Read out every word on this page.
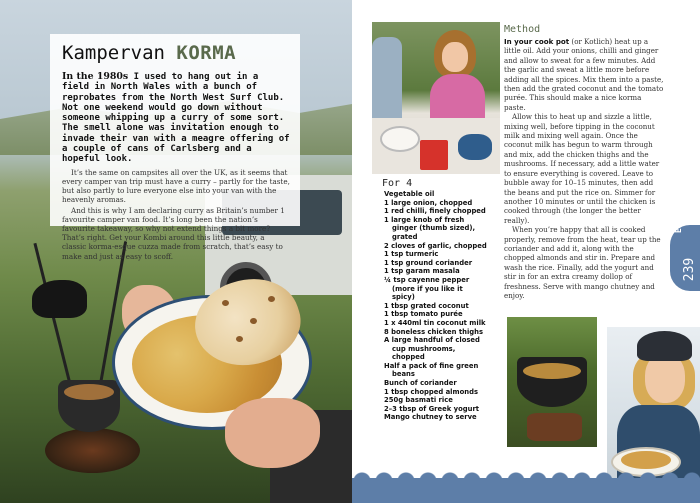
Kampervan KORMA

In the 1980s I used to hang out in a field in North Wales with a bunch of reprobates from the North West Surf Club. Not one weekend would go down without someone whipping up a curry of some sort. The smell alone was invitation enough to invade their van with a meagre offering of a couple of cans of Carlsberg and a hopeful look.

It’s the same on campsites all over the UK, as it seems that every camper van trip must have a curry – partly for the taste, but also partly to lure everyone else into your van with the heavenly aromas.

And this is why I am declaring curry as Britain’s number 1 favourite camper van food. It’s long been the nation’s favourite takeaway, so why not extend things a bit more? That’s right. Get your Kombi around this little beauty, a classic korma-esque cuzza made from scratch, that’s easy to make and just as easy to scoff.

For 4
Vegetable oil
1 large onion, chopped
1 red chilli, finely chopped
1 large knob of fresh
ginger (thumb sized),
grated
2 cloves of garlic, chopped
1 tsp turmeric
1 tsp ground coriander
1 tsp garam masala
¼ tsp cayenne pepper
(more if you like it
spicy)
1 tbsp grated coconut
1 tbsp tomato purée
1 x 440ml tin coconut milk
8 boneless chicken thighs
A large handful of closed
cup mushrooms,
chopped
Half a pack of fine green
beans
Bunch of coriander
1 tbsp chopped almonds
250g basmati rice
2–3 tbsp of Greek yogurt
Mango chutney to serve
Method

In your cook pot (or Kotlich) heat up a little oil. Add your onions, chilli and ginger and allow to sweat for a few minutes. Add the garlic and sweat a little more before adding all the spices. Mix them into a paste, then add the grated coconut and the tomato purée. This should make a nice korma paste.

Allow this to heat up and sizzle a little, mixing well, before tipping in the coconut milk and mixing well again. Once the coconut milk has begun to warm through and mix, add the chicken thighs and the mushrooms. If necessary, add a little water to ensure everything is covered. Leave to bubble away for 10–15 minutes, then add the beans and put the rice on. Simmer for another 10 minutes or until the chicken is cooked through (the longer the better really).

When you’re happy that all is cooked properly, remove from the heat, tear up the coriander and add it, along with the chopped almonds and stir in. Prepare and wash the rice. Finally, add the yogurt and stir in for an extra creamy dollop of freshness. Serve with mango chutney and enjoy.

Eat
239
